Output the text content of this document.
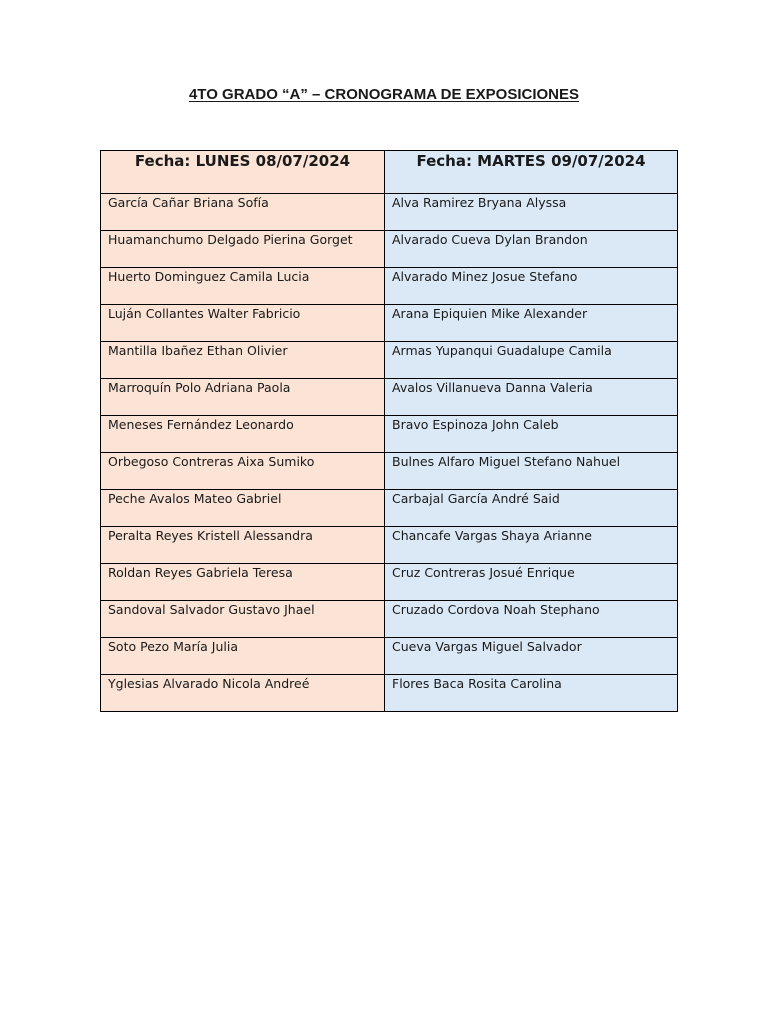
4TO GRADO “A” – CRONOGRAMA DE EXPOSICIONES
Fecha: LUNES 08/07/2024	Fecha: MARTES 09/07/2024

García Cañar Briana Sofía	Alva Ramirez Bryana Alyssa

Huamanchumo Delgado Pierina Gorget	Alvarado Cueva Dylan Brandon

Huerto Dominguez Camila Lucia	Alvarado Minez Josue Stefano

Luján Collantes Walter Fabricio	Arana Epiquien Mike Alexander

Mantilla Ibañez Ethan Olivier	Armas Yupanqui Guadalupe Camila

Marroquín Polo Adriana Paola	Avalos Villanueva Danna Valeria

Meneses Fernández Leonardo	Bravo Espinoza John Caleb

Orbegoso Contreras Aixa Sumiko	Bulnes Alfaro Miguel Stefano Nahuel

Peche Avalos Mateo Gabriel	Carbajal García André Said

Peralta Reyes Kristell Alessandra	Chancafe Vargas Shaya Arianne

Roldan Reyes Gabriela Teresa	Cruz Contreras Josué Enrique

Sandoval Salvador Gustavo Jhael	Cruzado Cordova Noah Stephano

Soto Pezo María Julia	Cueva Vargas Miguel Salvador

Yglesias Alvarado Nicola Andreé	Flores Baca Rosita Carolina
